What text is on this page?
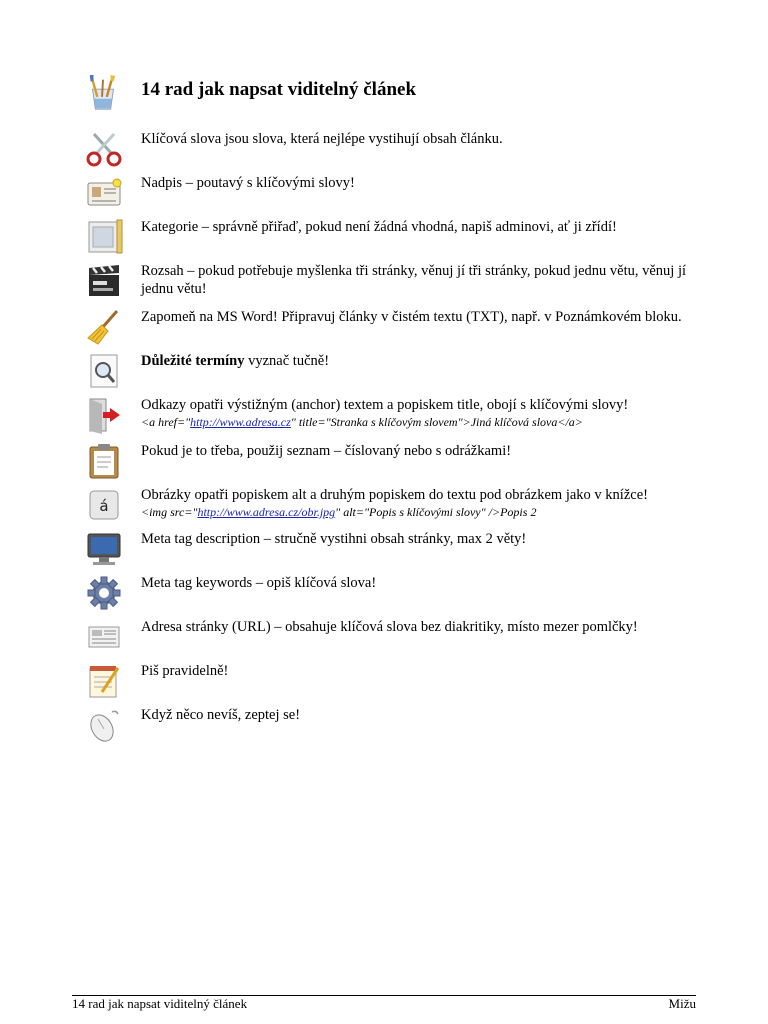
14 rad jak napsat viditelný článek
Klíčová slova jsou slova, která nejlépe vystihují obsah článku.
Nadpis – poutavý s klíčovými slovy!
Kategorie – správně přiřaď, pokud není žádná vhodná, napiš adminovi, ať ji zřídí!
Rozsah – pokud potřebuje myšlenka tři stránky, věnuj jí tři stránky, pokud jednu větu, věnuj jí jednu větu!
Zapomeň na MS Word! Připravuj články v čistém textu (TXT), např. v Poznámkovém bloku.
Důležité termíny vyznač tučně!
Odkazy opatři výstižným (anchor) textem a popiskem title, obojí s klíčovými slovy!
<a href="http://www.adresa.cz" title="Stranka s klíčovým slovem">Jiná klíčová slova</a>
Pokud je to třeba, použij seznam – číslovaný nebo s odrážkami!
á
Obrázky opatři popiskem alt a druhým popiskem do textu pod obrázkem jako v knížce!
<img src="http://www.adresa.cz/obr.jpg" alt="Popis s klíčovými slovy" />Popis 2
Meta tag description – stručně vystihni obsah stránky, max 2 věty!
Meta tag keywords – opiš klíčová slova!
Adresa stránky (URL) – obsahuje klíčová slova bez diakritiky, místo mezer pomlčky!
Piš pravidelně!
Když něco nevíš, zeptej se!
14 rad jak napsat viditelný článek	Mižu
